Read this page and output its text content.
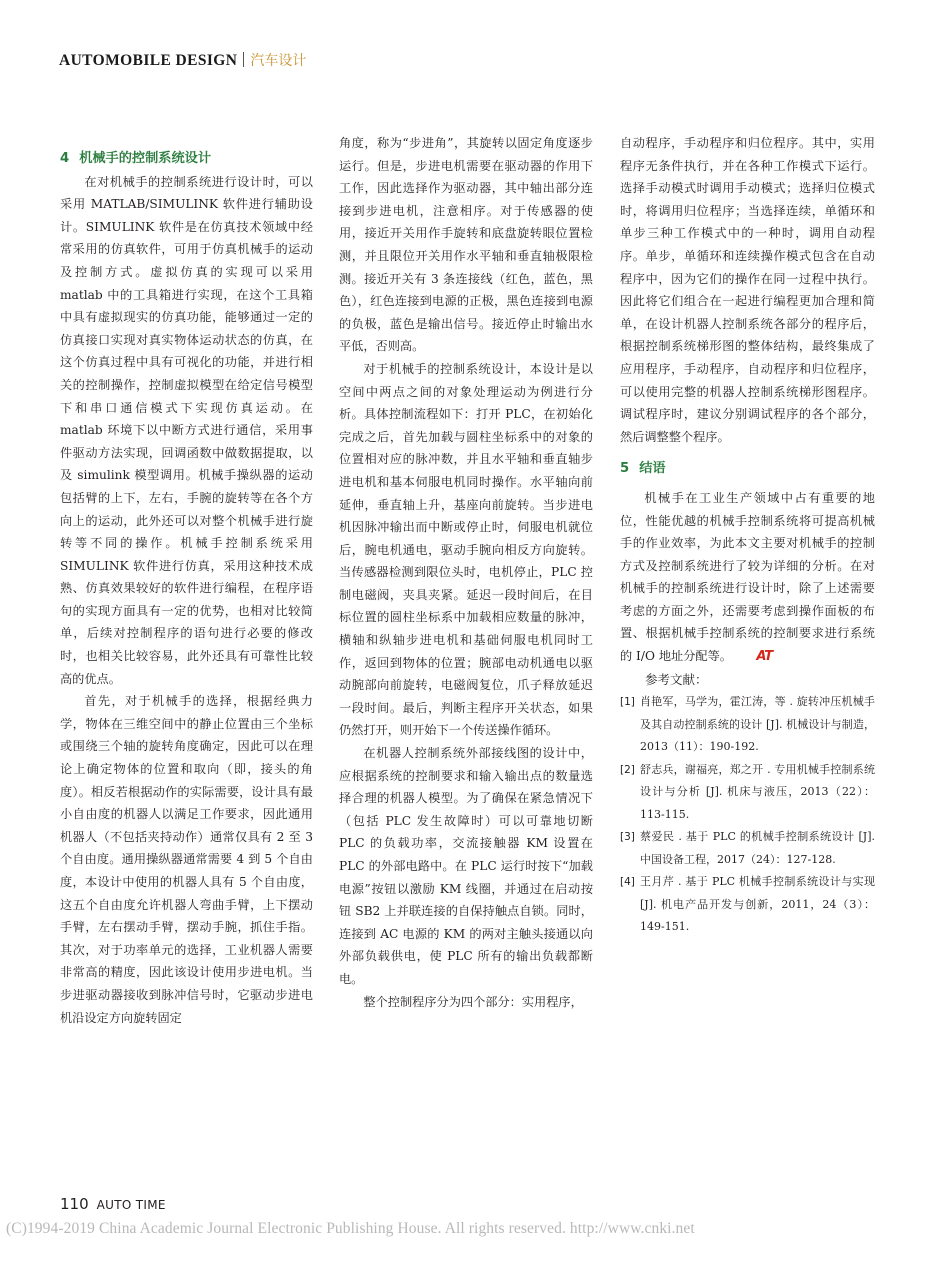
AUTOMOBILE DESIGN 汽车设计

4 机械手的控制系统设计

在对机械手的控制系统进行设计时，可以采用 MATLAB/SIMULINK 软件进行辅助设计。SIMULINK 软件是在仿真技术领域中经常采用的仿真软件，可用于仿真机械手的运动及控制方式。虚拟仿真的实现可以采用 matlab 中的工具箱进行实现，在这个工具箱中具有虚拟现实的仿真功能，能够通过一定的仿真接口实现对真实物体运动状态的仿真，在这个仿真过程中具有可视化的功能，并进行相关的控制操作，控制虚拟模型在给定信号模型下和串口通信模式下实现仿真运动。在 matlab 环境下以中断方式进行通信，采用事件驱动方法实现，回调函数中做数据提取，以及 simulink 模型调用。机械手操纵器的运动包括臂的上下，左右，手腕的旋转等在各个方向上的运动，此外还可以对整个机械手进行旋转等不同的操作。机械手控制系统采用 SIMULINK 软件进行仿真，采用这种技术成熟、仿真效果较好的软件进行编程，在程序语句的实现方面具有一定的优势，也相对比较简单，后续对控制程序的语句进行必要的修改时，也相关比较容易，此外还具有可靠性比较高的优点。

首先，对于机械手的选择，根据经典力学，物体在三维空间中的静止位置由三个坐标或围绕三个轴的旋转角度确定，因此可以在理论上确定物体的位置和取向（即，接头的角度）。相反若根据动作的实际需要，设计具有最小自由度的机器人以满足工作要求，因此通用机器人（不包括夹持动作）通常仅具有 2 至 3 个自由度。通用操纵器通常需要 4 到 5 个自由度，本设计中使用的机器人具有 5 个自由度，这五个自由度允许机器人弯曲手臂，上下摆动手臂，左右摆动手臂，摆动手腕，抓住手指。其次，对于功率单元的选择，工业机器人需要非常高的精度，因此该设计使用步进电机。当步进驱动器接收到脉冲信号时，它驱动步进电机沿设定方向旋转固定

角度，称为“步进角”，其旋转以固定角度逐步运行。但是，步进电机需要在驱动器的作用下工作，因此选择作为驱动器，其中轴出部分连接到步进电机，注意相序。对于传感器的使用，接近开关用作手旋转和底盘旋转眼位置检测，并且限位开关用作水平轴和垂直轴极限检测。接近开关有 3 条连接线（红色，蓝色，黑色），红色连接到电源的正极，黑色连接到电源的负极，蓝色是输出信号。接近停止时输出水平低，否则高。

对于机械手的控制系统设计，本设计是以空间中两点之间的对象处理运动为例进行分析。具体控制流程如下：打开 PLC，在初始化完成之后，首先加载与圆柱坐标系中的对象的位置相对应的脉冲数，并且水平轴和垂直轴步进电机和基本伺服电机同时操作。水平轴向前延伸，垂直轴上升，基座向前旋转。当步进电机因脉冲输出而中断或停止时，伺服电机就位后，腕电机通电，驱动手腕向相反方向旋转。当传感器检测到限位头时，电机停止，PLC 控制电磁阀，夹具夹紧。延迟一段时间后，在目标位置的圆柱坐标系中加载相应数量的脉冲，横轴和纵轴步进电机和基础伺服电机同时工作，返回到物体的位置；腕部电动机通电以驱动腕部向前旋转，电磁阀复位，爪子释放延迟一段时间。最后，判断主程序开关状态，如果仍然打开，则开始下一个传送操作循环。

在机器人控制系统外部接线图的设计中，应根据系统的控制要求和输入输出点的数量选择合理的机器人模型。为了确保在紧急情况下（包括 PLC 发生故障时）可以可靠地切断 PLC 的负载功率，交流接触器 KM 设置在 PLC 的外部电路中。在 PLC 运行时按下“加载电源”按钮以激励 KM 线圈，并通过在启动按钮 SB2 上并联连接的自保持触点自锁。同时，连接到 AC 电源的 KM 的两对主触头接通以向外部负载供电，使 PLC 所有的输出负载都断电。

整个控制程序分为四个部分：实用程序，

自动程序，手动程序和归位程序。其中，实用程序无条件执行，并在各种工作模式下运行。选择手动模式时调用手动模式；选择归位模式时，将调用归位程序；当选择连续，单循环和单步三种工作模式中的一种时，调用自动程序。单步，单循环和连续操作模式包含在自动程序中，因为它们的操作在同一过程中执行。因此将它们组合在一起进行编程更加合理和简单，在设计机器人控制系统各部分的程序后，根据控制系统梯形图的整体结构，最终集成了应用程序，手动程序，自动程序和归位程序，可以使用完整的机器人控制系统梯形图程序。调试程序时，建议分别调试程序的各个部分，然后调整整个程序。

5 结语

机械手在工业生产领域中占有重要的地位，性能优越的机械手控制系统将可提高机械手的作业效率，为此本文主要对机械手的控制方式及控制系统进行了较为详细的分析。在对机械手的控制系统进行设计时，除了上述需要考虑的方面之外，还需要考虑到操作面板的布置、根据机械手控制系统的控制要求进行系统的 I/O 地址分配等。 AT

参考文献：

[1] 肖艳军，马学为，霍江涛，等 . 旋转冲压机械手及其自动控制系统的设计 [J]. 机械设计与制造，2013（11）：190-192.
[2] 舒志兵，谢福亮，郑之开 . 专用机械手控制系统设计与分析 [J]. 机床与液压，2013（22）：113-115.
[3] 蔡爱民 . 基于 PLC 的机械手控制系统设计 [J]. 中国设备工程，2017（24）：127-128.
[4] 王月芹 . 基于 PLC 机械手控制系统设计与实现 [J]. 机电产品开发与创新，2011，24（3）：149-151.
110 AUTO TIME
(C)1994-2019 China Academic Journal Electronic Publishing House. All rights reserved. http://www.cnki.net
